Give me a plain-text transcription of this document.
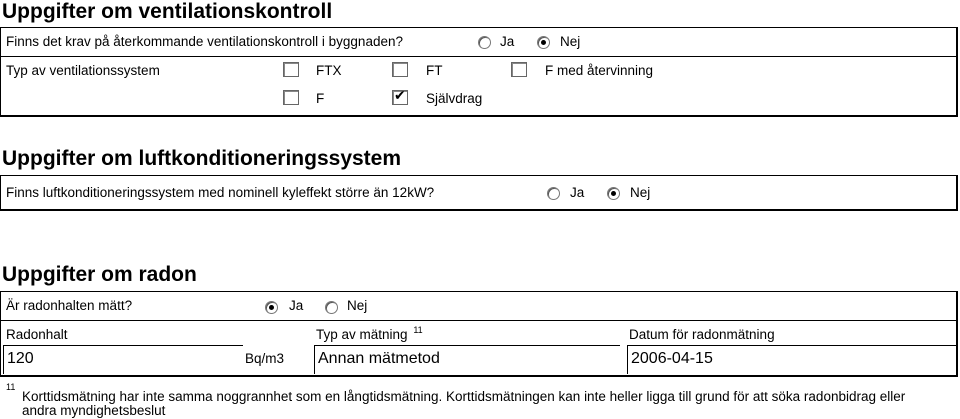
Uppgifter om ventilationskontroll
Finns det krav på återkommande ventilationskontroll i byggnaden?	Ja	Nej
Typ av ventilationssystem	FTX	FT	F med återvinning
F
✔	Självdrag
Uppgifter om luftkonditioneringssystem
Finns luftkonditioneringssystem med nominell kyleffekt större än 12kW?	Ja	Nej
Uppgifter om radon
Är radonhalten mätt?	Ja	Nej
Radonhalt	Typ av mätning $^{11}$	Datum för radonmätning
120	Bq/m3 Annan mätmetod	2006-04-15
11
Korttidsmätning har inte samma noggrannhet som en långtidsmätning. Korttidsmätningen kan inte heller ligga till grund för att söka radonbidrag eller
andra myndighetsbeslut
